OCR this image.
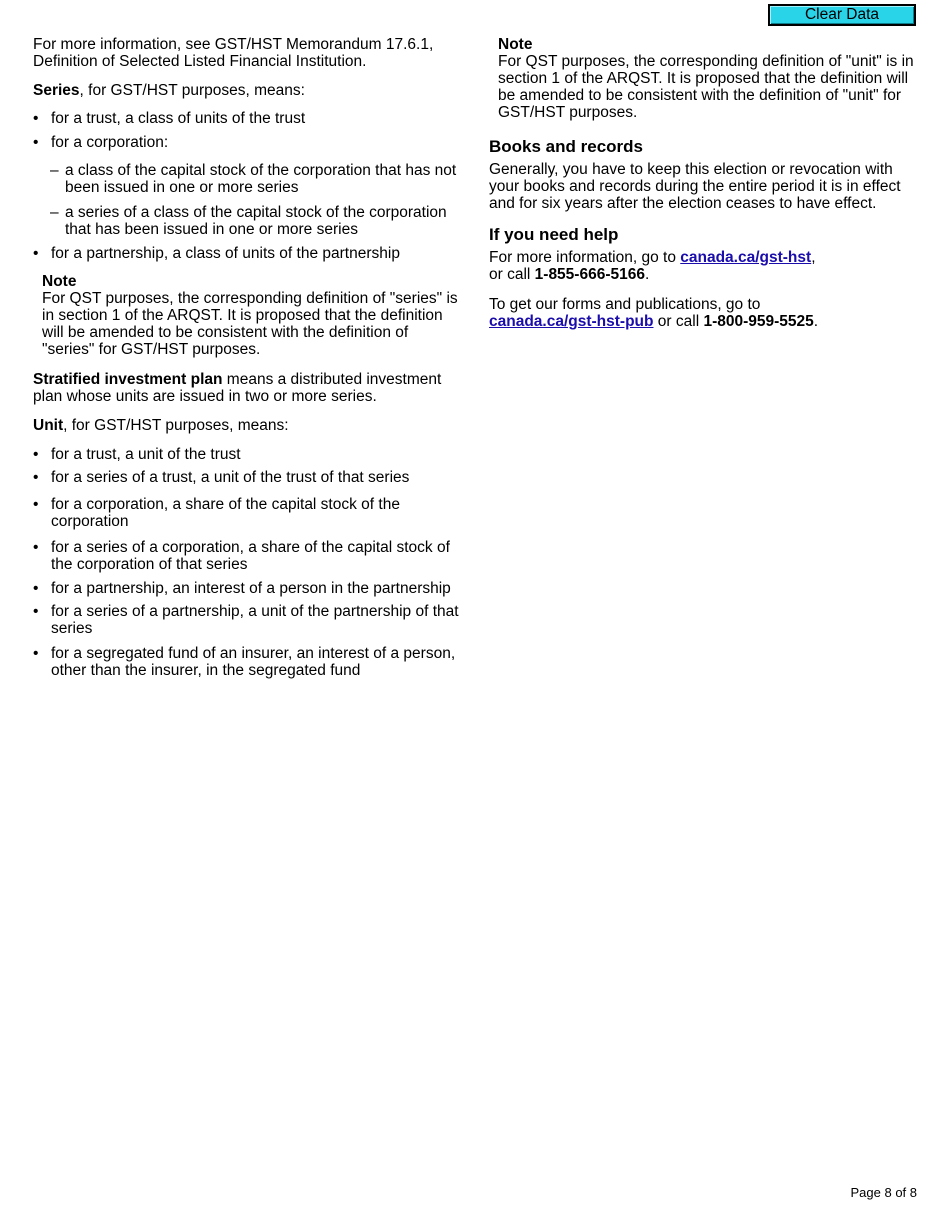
Clear Data

For more information, see GST/HST Memorandum 17.6.1,
Definition of Selected Listed Financial Institution.

Series, for GST/HST purposes, means:

• for a trust, a class of units of the trust
• for a corporation:
– a class of the capital stock of the corporation that has not
been issued in one or more series
– a series of a class of the capital stock of the corporation
that has been issued in one or more series
• for a partnership, a class of units of the partnership
Note
For QST purposes, the corresponding definition of "series" is
in section 1 of the ARQST. It is proposed that the definition
will be amended to be consistent with the definition of
"series" for GST/HST purposes.

Stratified investment plan means a distributed investment
plan whose units are issued in two or more series.

Unit, for GST/HST purposes, means:

• for a trust, a unit of the trust
• for a series of a trust, a unit of the trust of that series
• for a corporation, a share of the capital stock of the
corporation
• for a series of a corporation, a share of the capital stock of
the corporation of that series
• for a partnership, an interest of a person in the partnership
• for a series of a partnership, a unit of the partnership of that
series
• for a segregated fund of an insurer, an interest of a person,
other than the insurer, in the segregated fund
Note
For QST purposes, the corresponding definition of "unit" is in
section 1 of the ARQST. It is proposed that the definition will
be amended to be consistent with the definition of "unit" for
GST/HST purposes.
Books and records
Generally, you have to keep this election or revocation with
your books and records during the entire period it is in effect
and for six years after the election ceases to have effect.
If you need help
For more information, go to canada.ca/gst-hst,
or call 1-855-666-5166.
To get our forms and publications, go to
canada.ca/gst-hst-pub or call 1-800-959-5525.
Page 8 of 8
